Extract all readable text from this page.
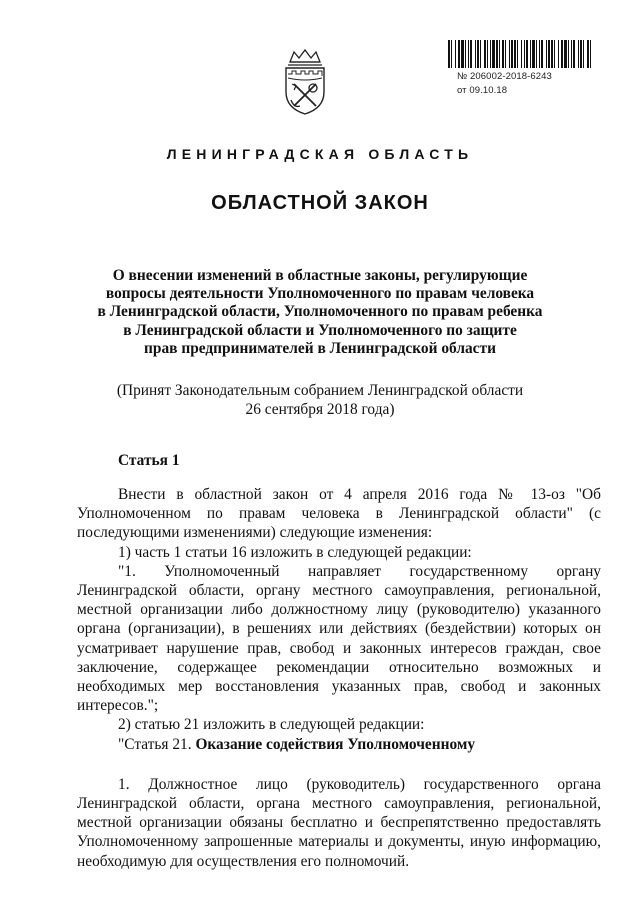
№ 206002-2018-6243
от 09.10.18
ЛЕНИНГРАДСКАЯ ОБЛАСТЬ
ОБЛАСТНОЙ ЗАКОН
О внесении изменений в областные законы, регулирующие
вопросы деятельности Уполномоченного по правам человека
в Ленинградской области, Уполномоченного по правам ребенка
в Ленинградской области и Уполномоченного по защите
прав предпринимателей в Ленинградской области
(Принят Законодательным собранием Ленинградской области
26 сентября 2018 года)
Статья 1

Внести в областной закон от 4 апреля 2016 года № 13-оз "Об Уполномоченном по правам человека в Ленинградской области" (с последующими изменениями) следующие изменения:

1) часть 1 статьи 16 изложить в следующей редакции:

"1. Уполномоченный направляет государственному органу Ленинградской области, органу местного самоуправления, региональной, местной организации либо должностному лицу (руководителю) указанного органа (организации), в решениях или действиях (бездействии) которых он усматривает нарушение прав, свобод и законных интересов граждан, свое заключение, содержащее рекомендации относительно возможных и необходимых мер восстановления указанных прав, свобод и законных интересов.";

2) статью 21 изложить в следующей редакции:

"Статья 21. Оказание содействия Уполномоченному

1. Должностное лицо (руководитель) государственного органа Ленинградской области, органа местного самоуправления, региональной, местной организации обязаны бесплатно и беспрепятственно предоставлять Уполномоченному запрошенные материалы и документы, иную информацию, необходимую для осуществления его полномочий.
